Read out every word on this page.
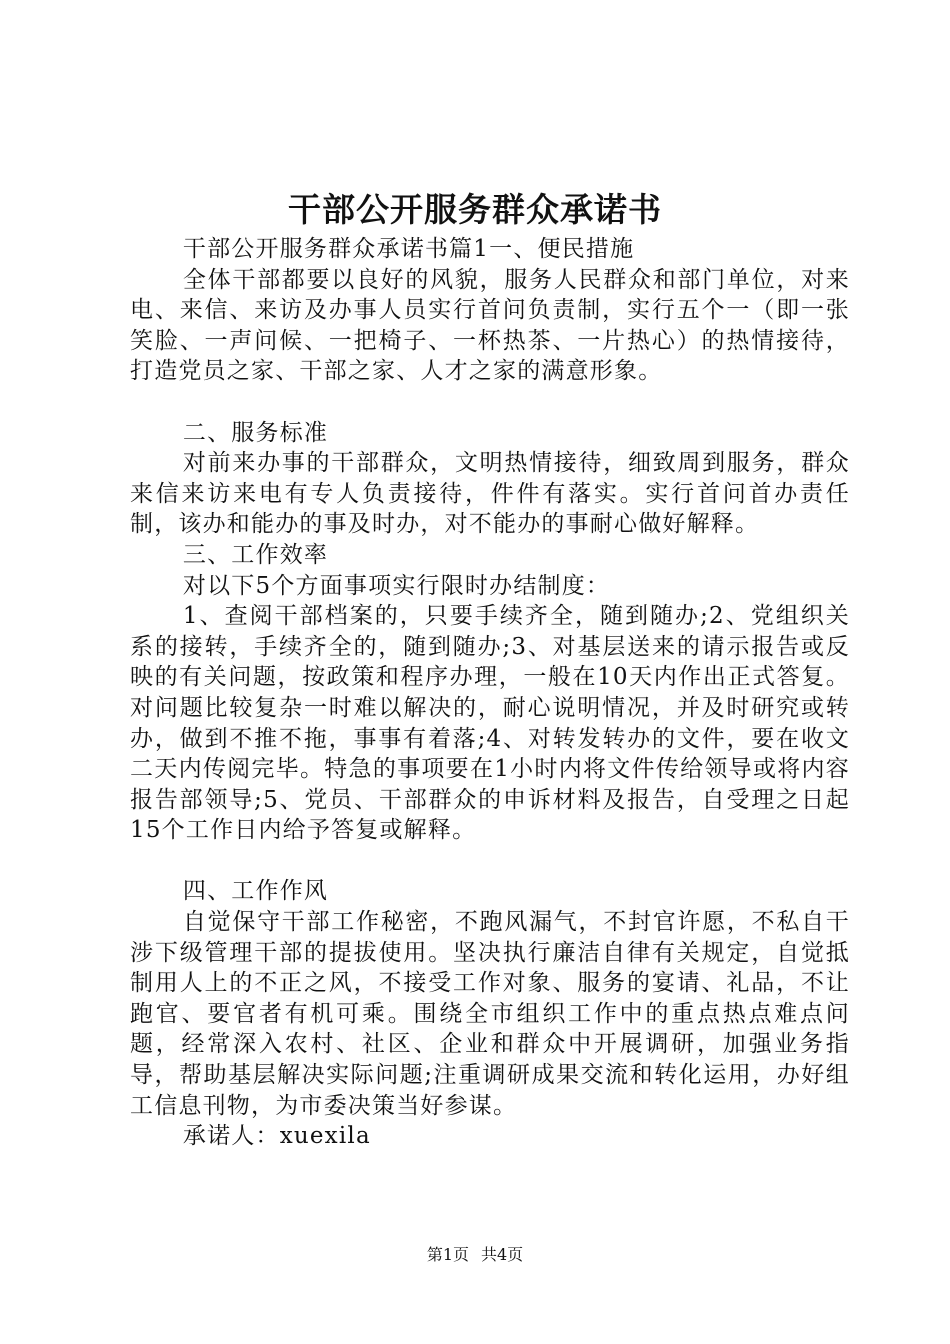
干部公开服务群众承诺书

干部公开服务群众承诺书篇1一、便民措施

全体干部都要以良好的风貌，服务人民群众和部门单位，对来电、来信、来访及办事人员实行首问负责制，实行五个一（即一张笑脸、一声问候、一把椅子、一杯热茶、一片热心）的热情接待，打造党员之家、干部之家、人才之家的满意形象。

二、服务标准

对前来办事的干部群众，文明热情接待，细致周到服务，群众来信来访来电有专人负责接待，件件有落实。实行首问首办责任制，该办和能办的事及时办，对不能办的事耐心做好解释。

三、工作效率

对以下5个方面事项实行限时办结制度：

1、查阅干部档案的，只要手续齐全，随到随办;2、党组织关系的接转，手续齐全的，随到随办;3、对基层送来的请示报告或反映的有关问题，按政策和程序办理，一般在10天内作出正式答复。对问题比较复杂一时难以解决的，耐心说明情况，并及时研究或转办，做到不推不拖，事事有着落;4、对转发转办的文件，要在收文二天内传阅完毕。特急的事项要在1小时内将文件传给领导或将内容报告部领导;5、党员、干部群众的申诉材料及报告，自受理之日起15个工作日内给予答复或解释。

四、工作作风

自觉保守干部工作秘密，不跑风漏气，不封官许愿，不私自干涉下级管理干部的提拔使用。坚决执行廉洁自律有关规定，自觉抵制用人上的不正之风，不接受工作对象、服务的宴请、礼品，不让跑官、要官者有机可乘。围绕全市组织工作中的重点热点难点问题，经常深入农村、社区、企业和群众中开展调研，加强业务指导，帮助基层解决实际问题;注重调研成果交流和转化运用，办好组工信息刊物，为市委决策当好参谋。

承诺人：xuexila

第1页 共4页
